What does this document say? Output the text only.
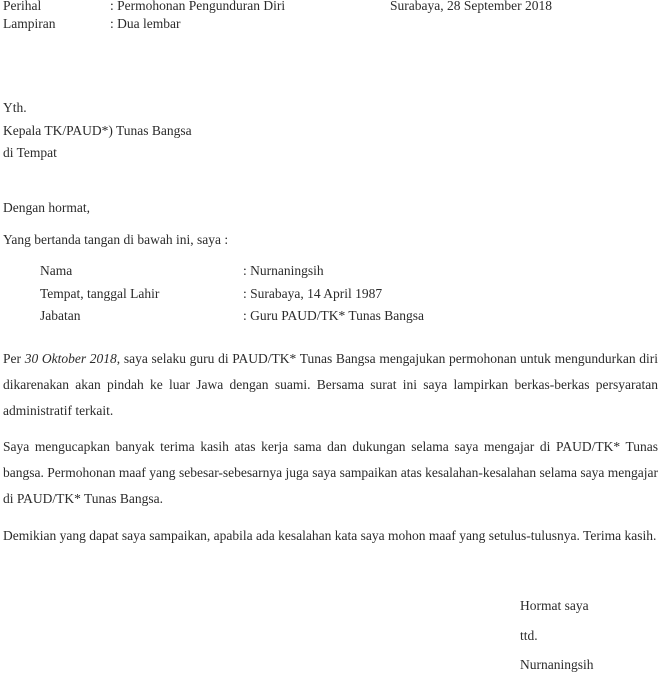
Perihal	: Permohonan Pengunduran Diri	Surabaya, 28 September 2018
Lampiran	: Dua lembar
Yth.
Kepala TK/PAUD*) Tunas Bangsa
di Tempat
Dengan hormat,
Yang bertanda tangan di bawah ini, saya :
Nama	: Nurnaningsih
Tempat, tanggal Lahir	: Surabaya, 14 April 1987
Jabatan	: Guru PAUD/TK* Tunas Bangsa
Per 30 Oktober 2018, saya selaku guru di PAUD/TK* Tunas Bangsa mengajukan permohonan untuk mengundurkan diri dikarenakan akan pindah ke luar Jawa dengan suami. Bersama surat ini saya lampirkan berkas-berkas persyaratan administratif terkait.
Saya mengucapkan banyak terima kasih atas kerja sama dan dukungan selama saya mengajar di PAUD/TK* Tunas bangsa. Permohonan maaf yang sebesar-sebesarnya juga saya sampaikan atas kesalahan-kesalahan selama saya mengajar di PAUD/TK* Tunas Bangsa.
Demikian yang dapat saya sampaikan, apabila ada kesalahan kata saya mohon maaf yang setulus-tulusnya. Terima kasih.
Hormat saya
ttd.
Nurnaningsih
